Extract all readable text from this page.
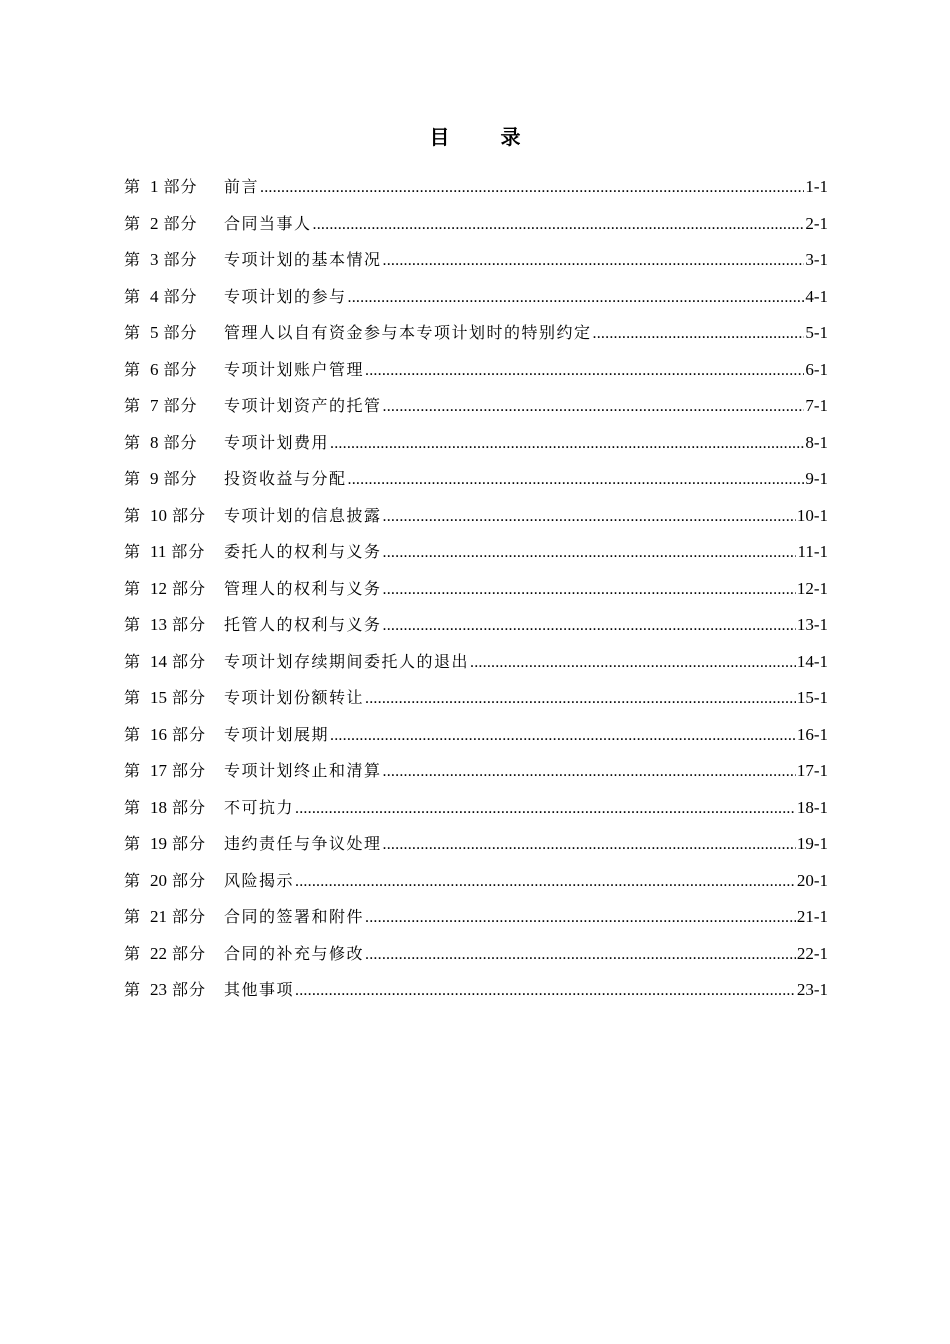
目 录
第 1 部分 前言 .....	1-1
第 2 部分 合同当事人 .....	2-1
第 3 部分 专项计划的基本情况 .....	3-1
第 4 部分 专项计划的参与 .....	4-1
第 5 部分 管理人以自有资金参与本专项计划时的特别约定 .....	5-1
第 6 部分 专项计划账户管理 .....	6-1
第 7 部分 专项计划资产的托管 .....	7-1
第 8 部分 专项计划费用 .....	8-1
第 9 部分 投资收益与分配 .....	9-1
第 10 部分 专项计划的信息披露 .....	10-1
第 11 部分 委托人的权利与义务 .....	11-1
第 12 部分 管理人的权利与义务 .....	12-1
第 13 部分 托管人的权利与义务 .....	13-1
第 14 部分 专项计划存续期间委托人的退出 .....	14-1
第 15 部分 专项计划份额转让 .....	15-1
第 16 部分 专项计划展期 .....	16-1
第 17 部分 专项计划终止和清算 .....	17-1
第 18 部分 不可抗力 .....	18-1
第 19 部分 违约责任与争议处理 .....	19-1
第 20 部分 风险揭示 .....	20-1
第 21 部分 合同的签署和附件 .....	21-1
第 22 部分 合同的补充与修改 .....	22-1
第 23 部分 其他事项 .....	23-1
